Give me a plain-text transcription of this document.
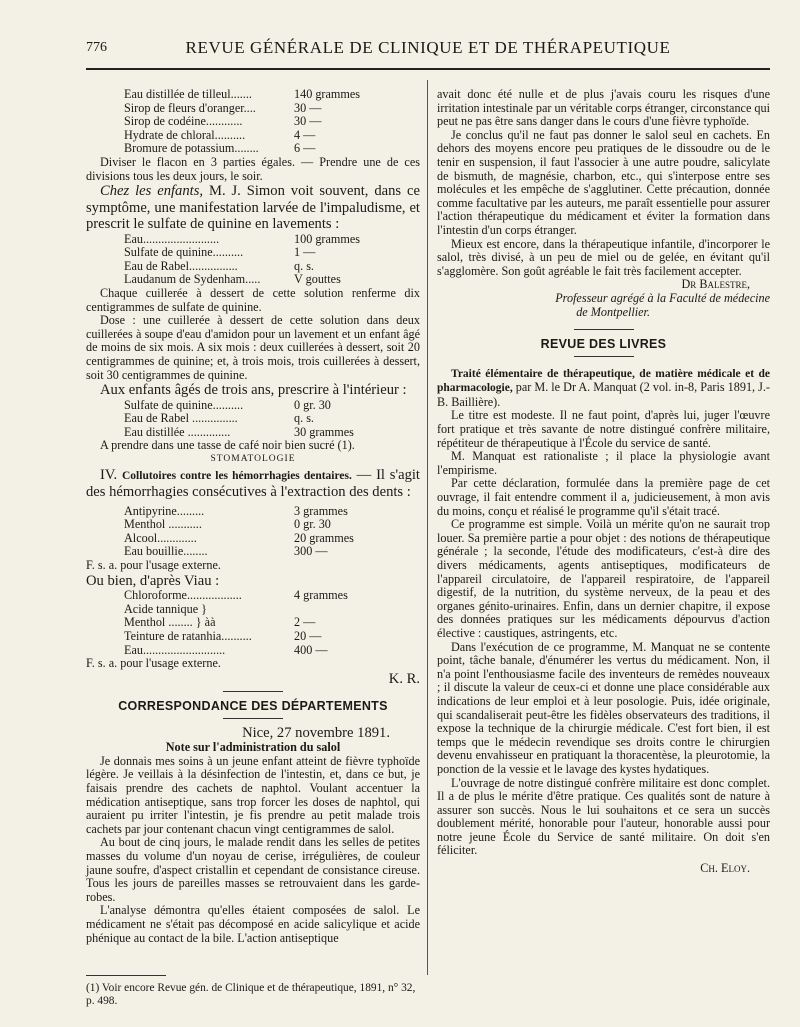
776	REVUE GÉNÉRALE DE CLINIQUE ET DE THÉRAPEUTIQUE
Eau distillée de tilleul.......	140 grammes
Sirop de fleurs d'oranger....	30 —
Sirop de codéine............	30 —
Hydrate de chloral..........	4 —
Bromure de potassium........	6 —

Diviser le flacon en 3 parties égales. — Prendre une de ces divisions tous les deux jours, le soir.

Chez les enfants, M. J. Simon voit souvent, dans ce symptôme, une manifestation larvée de l'impaludisme, et prescrit le sulfate de quinine en lavements :

Eau.........................	100 grammes
Sulfate de quinine..........	1 —
Eau de Rabel................	q. s.
Laudanum de Sydenham.....	V gouttes

Chaque cuillerée à dessert de cette solution renferme dix centigrammes de sulfate de quinine.

Dose : une cuillerée à dessert de cette solution dans deux cuillerées à soupe d'eau d'amidon pour un lavement et un enfant âgé de moins de six mois. A six mois : deux cuillerées à dessert, soit 20 centigrammes de quinine; et, à trois mois, trois cuillerées à dessert, soit 30 centigrammes de quinine.

Aux enfants âgés de trois ans, prescrire à l'intérieur :

Sulfate de quinine..........	0 gr. 30
Eau de Rabel ...............	q. s.
Eau distillée ..............	30 grammes

A prendre dans une tasse de café noir bien sucré (1).

STOMATOLOGIE

IV. Collutoires contre les hémorrhagies dentaires. — Il s'agit des hémorrhagies consécutives à l'extraction des dents :

Antipyrine.........	3 grammes
Menthol ...........	0 gr. 30
Alcool.............	20 grammes
Eau bouillie........	300 —

F. s. a. pour l'usage externe.

Ou bien, d'après Viau :

Chloroforme..................	4 grammes
Acide tannique }
Menthol ........ } àà	2 —
Teinture de ratanhia..........	20 —
Eau...........................	400 —

F. s. a. pour l'usage externe.

K. R.

CORRESPONDANCE DES DÉPARTEMENTS

Nice, 27 novembre 1891.

Note sur l'administration du salol

Je donnais mes soins à un jeune enfant atteint de fièvre typhoïde légère. Je veillais à la désinfection de l'intestin, et, dans ce but, je faisais prendre des cachets de naphtol. Voulant accentuer la médication antiseptique, sans trop forcer les doses de naphtol, qui auraient pu irriter l'intestin, je fis prendre au petit malade trois cachets par jour contenant chacun vingt centigrammes de salol.

Au bout de cinq jours, le malade rendit dans les selles de petites masses du volume d'un noyau de cerise, irrégulières, de couleur jaune soufre, d'aspect cristallin et cependant de consistance cireuse. Tous les jours de pareilles masses se retrouvaient dans les garde-robes.

L'analyse démontra qu'elles étaient composées de salol. Le médicament ne s'était pas décomposé en acide salicylique et acide phénique au contact de la bile. L'action antiseptique

(1) Voir encore Revue gén. de Clinique et de thérapeutique, 1891, n° 32, p. 498.

avait donc été nulle et de plus j'avais couru les risques d'une irritation intestinale par un véritable corps étranger, circonstance qui peut ne pas être sans danger dans le cours d'une fièvre typhoïde.

Je conclus qu'il ne faut pas donner le salol seul en cachets. En dehors des moyens encore peu pratiques de le dissoudre ou de le tenir en suspension, il faut l'associer à une autre poudre, salicylate de bismuth, de magnésie, charbon, etc., qui s'interpose entre ses molécules et les empêche de s'agglutiner. Cette précaution, donnée comme facultative par les auteurs, me paraît essentielle pour assurer l'action thérapeutique du médicament et éviter la formation dans l'intestin d'un corps étranger.

Mieux est encore, dans la thérapeutique infantile, d'incorporer le salol, très divisé, à un peu de miel ou de gelée, en évitant qu'il s'agglomère. Son goût agréable le fait très facilement accepter.

Dr Balestre,

Professeur agrégé à la Faculté de médecine

de Montpellier.

REVUE DES LIVRES

Traité élémentaire de thérapeutique, de matière médicale et de pharmacologie, par M. le Dr A. Manquat (2 vol. in-8, Paris 1891, J.-B. Baillière).

Le titre est modeste. Il ne faut point, d'après lui, juger l'œuvre fort pratique et très savante de notre distingué confrère militaire, répétiteur de thérapeutique à l'École du service de santé.

M. Manquat est rationaliste ; il place la physiologie avant l'empirisme.

Par cette déclaration, formulée dans la première page de cet ouvrage, il fait entendre comment il a, judicieusement, à mon avis du moins, conçu et réalisé le programme qu'il s'était tracé.

Ce programme est simple. Voilà un mérite qu'on ne saurait trop louer. Sa première partie a pour objet : des notions de thérapeutique générale ; la seconde, l'étude des modificateurs, c'est-à dire des divers médicaments, agents antiseptiques, modificateurs de l'appareil circulatoire, de l'appareil respiratoire, de l'appareil digestif, de la nutrition, du système nerveux, de la peau et des organes génito-urinaires. Enfin, dans un dernier chapitre, il expose des données pratiques sur les médicaments dépourvus d'action élective : caustiques, astringents, etc.

Dans l'exécution de ce programme, M. Manquat ne se contente point, tâche banale, d'énumérer les vertus du médicament. Non, il n'a point l'enthousiasme facile des inventeurs de remèdes nouveaux ; il discute la valeur de ceux-ci et donne une place considérable aux indications de leur emploi et à leur posologie. Puis, idée originale, qui scandaliserait peut-être les fidèles observateurs des traditions, il expose la technique de la chirurgie médicale. C'est fort bien, il est temps que le médecin revendique ses droits contre le chirurgien devenu envahisseur en pratiquant la thoracentèse, la pleurotomie, la ponction de la vessie et le lavage des kystes hydatiques.

L'ouvrage de notre distingué confrère militaire est donc complet. Il a de plus le mérite d'être pratique. Ces qualités sont de nature à assurer son succès. Nous le lui souhaitons et ce sera un succès doublement mérité, honorable pour l'auteur, honorable aussi pour notre jeune École du Service de santé militaire. On doit s'en féliciter.

Ch. Eloy.
